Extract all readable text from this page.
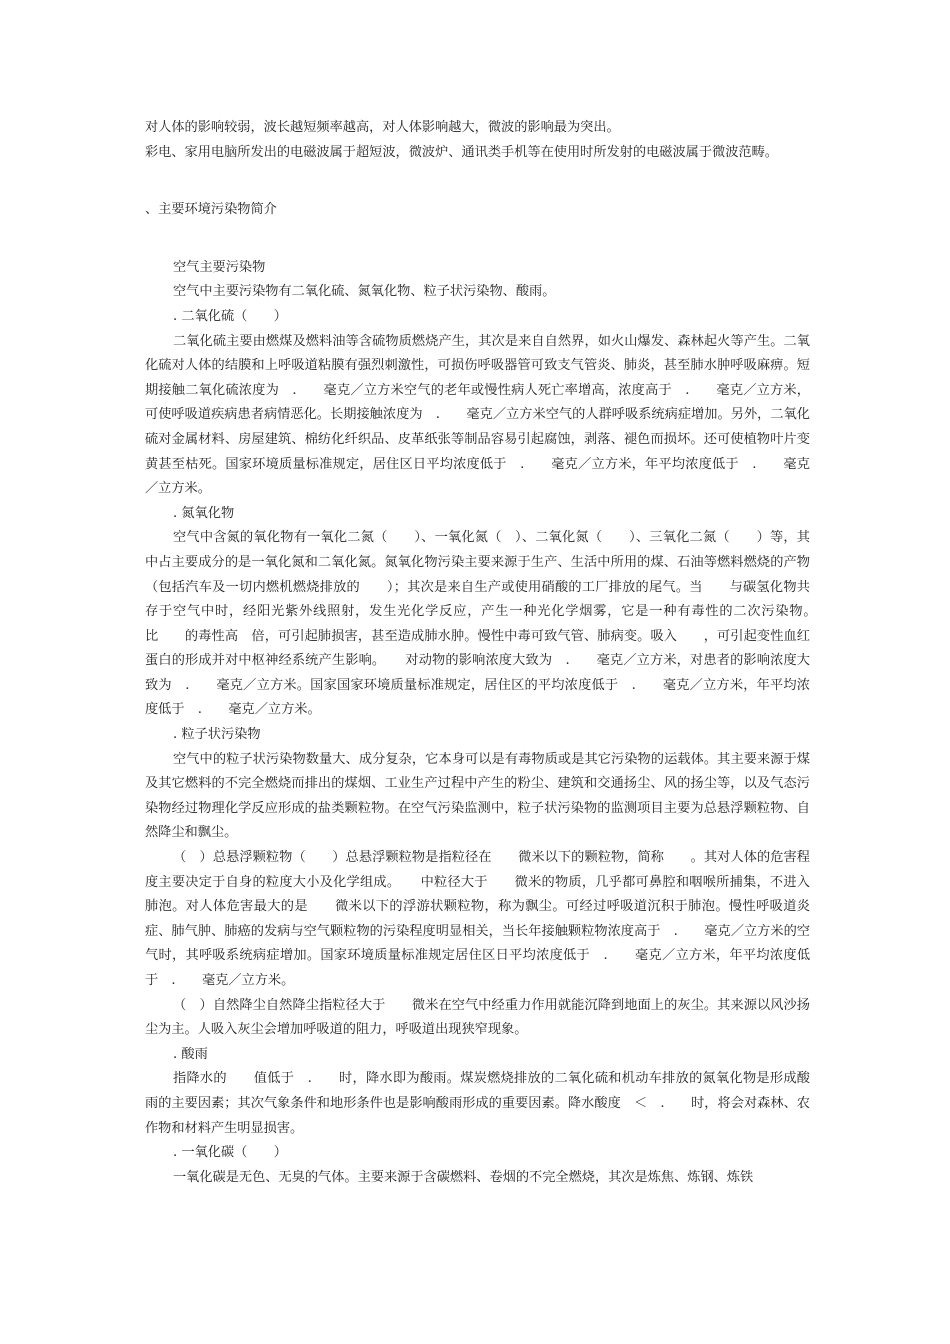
对人体的影响较弱，波长越短频率越高，对人体影响越大，微波的影响最为突出。

彩电、家用电脑所发出的电磁波属于超短波，微波炉、通讯类手机等在使用时所发射的电磁波属于微波范畴。

、主要环境污染物简介

空气主要污染物

空气中主要污染物有二氧化硫、氮氧化物、粒子状污染物、酸雨。

. 二氧化硫（　　）

二氧化硫主要由燃煤及燃料油等含硫物质燃烧产生，其次是来自自然界，如火山爆发、森林起火等产生。二氧化硫对人体的结膜和上呼吸道粘膜有强烈刺激性，可损伤呼吸器管可致支气管炎、肺炎，甚至肺水肿呼吸麻痹。短期接触二氧化硫浓度为　.　　毫克／立方米空气的老年或慢性病人死亡率增高，浓度高于　.　　毫克／立方米，可使呼吸道疾病患者病情恶化。长期接触浓度为　.　　毫克／立方米空气的人群呼吸系统病症增加。另外，二氧化硫对金属材料、房屋建筑、棉纺化纤织品、皮革纸张等制品容易引起腐蚀，剥落、褪色而损坏。还可使植物叶片变黄甚至枯死。国家环境质量标准规定，居住区日平均浓度低于　.　　毫克／立方米，年平均浓度低于　.　　毫克／立方米。

. 氮氧化物

空气中含氮的氧化物有一氧化二氮（　　）、一氧化氮（　）、二氧化氮（　　）、三氧化二氮（　　）等，其中占主要成分的是一氧化氮和二氧化氮。氮氧化物污染主要来源于生产、生活中所用的煤、石油等燃料燃烧的产物（包括汽车及一切内燃机燃烧排放的　　）；其次是来自生产或使用硝酸的工厂排放的尾气。当　　与碳氢化物共存于空气中时，经阳光紫外线照射，发生光化学反应，产生一种光化学烟雾，它是一种有毒性的二次污染物。　　比　　的毒性高　倍，可引起肺损害，甚至造成肺水肿。慢性中毒可致气管、肺病变。吸入　　，可引起变性血红蛋白的形成并对中枢神经系统产生影响。　　对动物的影响浓度大致为　.　　毫克／立方米，对患者的影响浓度大致为　.　　毫克／立方米。国家国家环境质量标准规定，居住区的平均浓度低于　.　　毫克／立方米，年平均浓度低于　.　　毫克／立方米。

. 粒子状污染物

空气中的粒子状污染物数量大、成分复杂，它本身可以是有毒物质或是其它污染物的运载体。其主要来源于煤及其它燃料的不完全燃烧而排出的煤烟、工业生产过程中产生的粉尘、建筑和交通扬尘、风的扬尘等，以及气态污染物经过物理化学反应形成的盐类颗粒物。在空气污染监测中，粒子状污染物的监测项目主要为总悬浮颗粒物、自然降尘和飘尘。

（　）总悬浮颗粒物（　　）总悬浮颗粒物是指粒径在　　微米以下的颗粒物，简称　　。其对人体的危害程度主要决定于自身的粒度大小及化学组成。　　中粒径大于　　微米的物质，几乎都可鼻腔和咽喉所捕集，不进入肺泡。对人体危害最大的是　　微米以下的浮游状颗粒物，称为飘尘。可经过呼吸道沉积于肺泡。慢性呼吸道炎症、肺气肿、肺癌的发病与空气颗粒物的污染程度明显相关，当长年接触颗粒物浓度高于　.　　毫克／立方米的空气时，其呼吸系统病症增加。国家环境质量标准规定居住区日平均浓度低于　.　　毫克／立方米，年平均浓度低于　.　　毫克／立方米。

（　）自然降尘自然降尘指粒径大于　　微米在空气中经重力作用就能沉降到地面上的灰尘。其来源以风沙扬尘为主。人吸入灰尘会增加呼吸道的阻力，呼吸道出现狭窄现象。

. 酸雨

指降水的　　值低于　.　　时，降水即为酸雨。煤炭燃烧排放的二氧化硫和机动车排放的氮氧化物是形成酸雨的主要因素；其次气象条件和地形条件也是影响酸雨形成的重要因素。降水酸度　＜　.　　时，将会对森林、农作物和材料产生明显损害。

. 一氧化碳（　　）

一氧化碳是无色、无臭的气体。主要来源于含碳燃料、卷烟的不完全燃烧，其次是炼焦、炼钢、炼铁
